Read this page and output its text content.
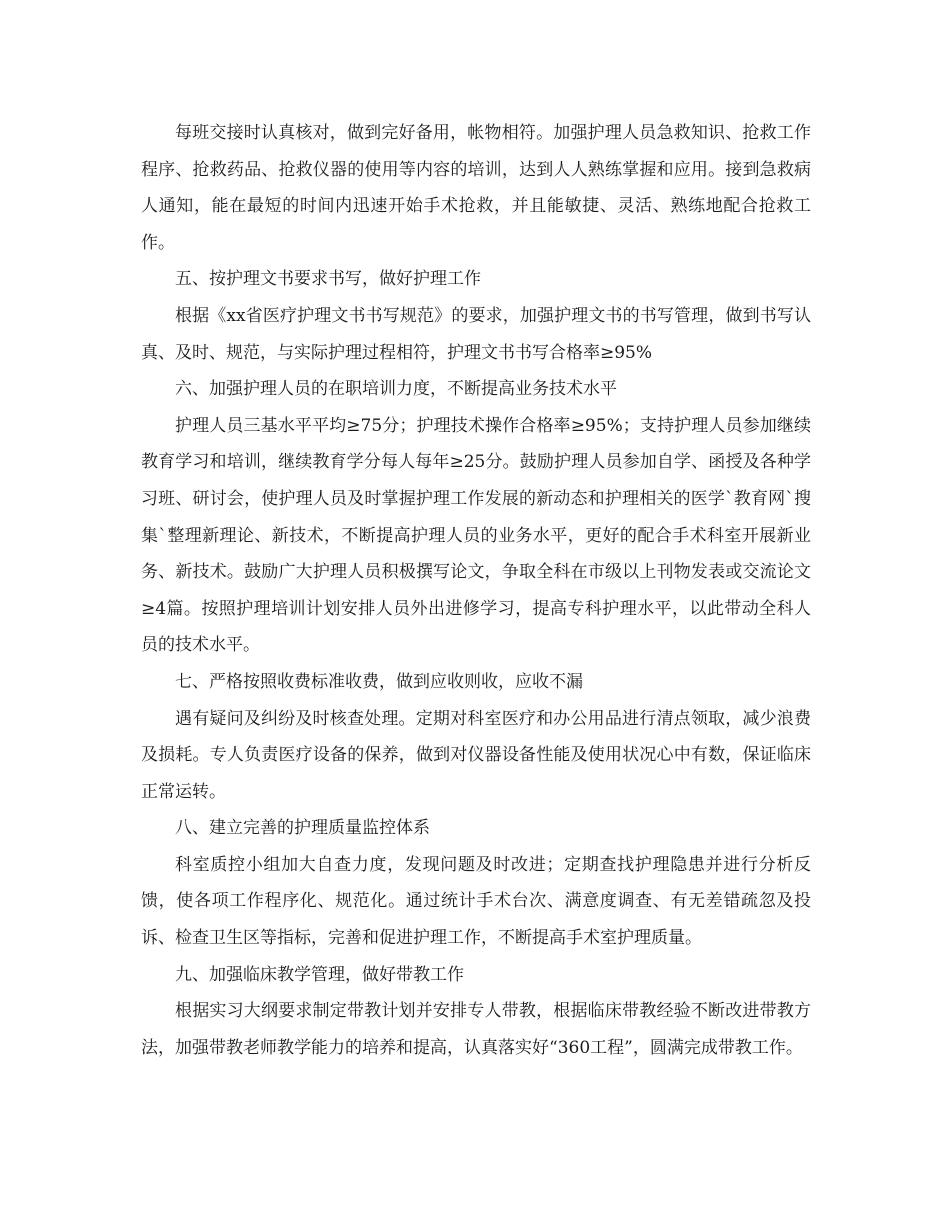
每班交接时认真核对，做到完好备用，帐物相符。加强护理人员急救知识、抢救工作程序、抢救药品、抢救仪器的使用等内容的培训，达到人人熟练掌握和应用。接到急救病人通知，能在最短的时间内迅速开始手术抢救，并且能敏捷、灵活、熟练地配合抢救工作。

五、按护理文书要求书写，做好护理工作

根据《xx省医疗护理文书书写规范》的要求，加强护理文书的书写管理，做到书写认真、及时、规范，与实际护理过程相符，护理文书书写合格率≥95%

六、加强护理人员的在职培训力度，不断提高业务技术水平

护理人员三基水平平均≥75分；护理技术操作合格率≥95%；支持护理人员参加继续教育学习和培训，继续教育学分每人每年≥25分。鼓励护理人员参加自学、函授及各种学习班、研讨会，使护理人员及时掌握护理工作发展的新动态和护理相关的医学`教育网`搜集`整理新理论、新技术，不断提高护理人员的业务水平，更好的配合手术科室开展新业务、新技术。鼓励广大护理人员积极撰写论文，争取全科在市级以上刊物发表或交流论文≥4篇。按照护理培训计划安排人员外出进修学习，提高专科护理水平，以此带动全科人员的技术水平。

七、严格按照收费标准收费，做到应收则收，应收不漏

遇有疑问及纠纷及时核查处理。定期对科室医疗和办公用品进行清点领取，减少浪费及损耗。专人负责医疗设备的保养，做到对仪器设备性能及使用状况心中有数，保证临床正常运转。

八、建立完善的护理质量监控体系

科室质控小组加大自查力度，发现问题及时改进；定期查找护理隐患并进行分析反馈，使各项工作程序化、规范化。通过统计手术台次、满意度调查、有无差错疏忽及投诉、检查卫生区等指标，完善和促进护理工作，不断提高手术室护理质量。

九、加强临床教学管理，做好带教工作

根据实习大纲要求制定带教计划并安排专人带教，根据临床带教经验不断改进带教方法，加强带教老师教学能力的培养和提高，认真落实好“360工程”，圆满完成带教工作。
